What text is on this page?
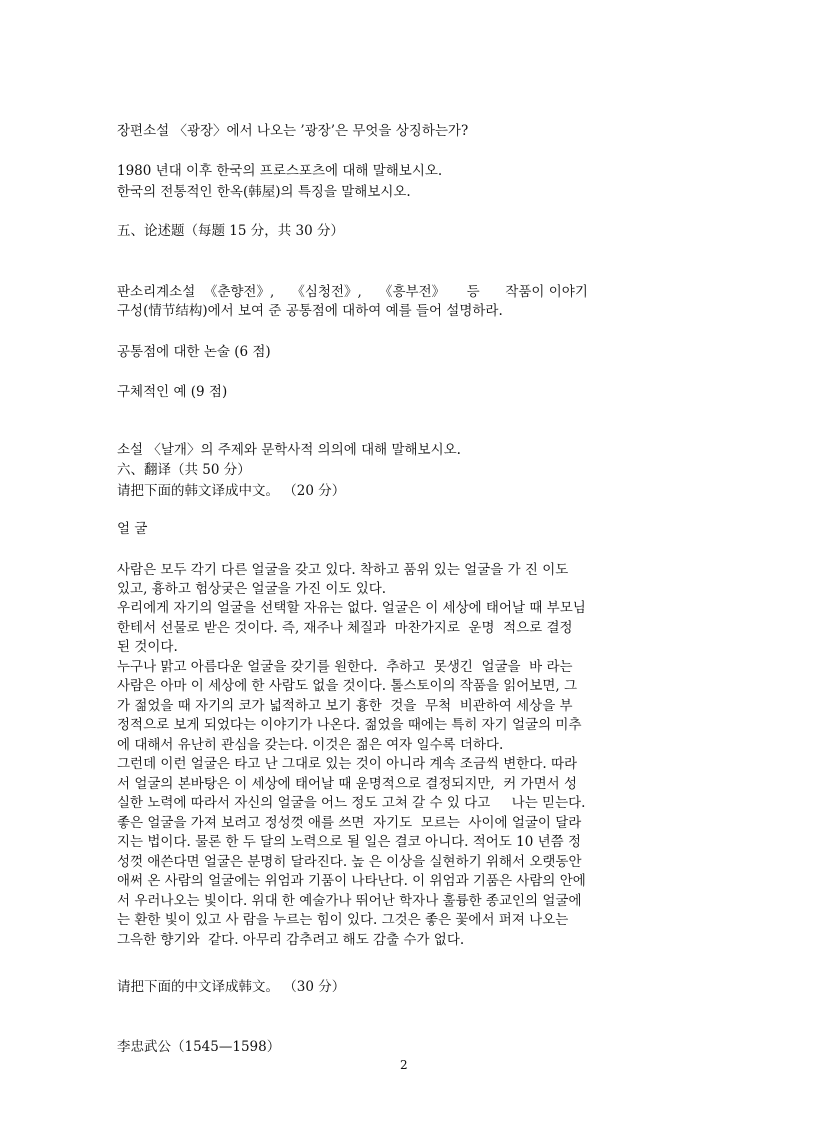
장편소설 〈광장〉에서 나오는 ’광장’은 무엇을 상징하는가?
1980 년대 이후 한국의 프로스포츠에 대해 말해보시오.
한국의 전통적인 한옥(韩屋)의 특징을 말해보시오.
五、论述题（每题 15 分，共 30 分）
판소리계소설  《춘향전》,    《심청전》,    《흥부전》     등      작품이 이야기
구성(情节结构)에서 보여 준 공통점에 대하여 예를 들어 설명하라.
공통점에 대한 논술 (6 점)
구체적인 예 (9 점)
소설 〈날개〉의 주제와 문학사적 의의에 대해 말해보시오.
六、翻译（共 50 分）
请把下面的韩文译成中文。 （20 分）
얼 굴
사람은 모두 각기 다른 얼굴을 갖고 있다. 착하고 품위 있는 얼굴을 가 진 이도
있고, 흉하고 험상궂은 얼굴을 가진 이도 있다.
우리에게 자기의 얼굴을 선택할 자유는 없다. 얼굴은 이 세상에 태어날 때 부모님
한테서 선물로 받은 것이다. 즉, 재주나 체질과  마찬가지로  운명  적으로 결정
된 것이다.
누구나 맑고 아름다운 얼굴을 갖기를 원한다.  추하고  못생긴  얼굴을  바 라는
사람은 아마 이 세상에 한 사람도 없을 것이다. 톨스토이의 작품을 읽어보면, 그
가 젊었을 때 자기의 코가 넓적하고 보기 흉한  것을  무척  비관하여 세상을 부
정적으로 보게 되었다는 이야기가 나온다. 젊었을 때에는 특히 자기 얼굴의 미추
에 대해서 유난히 관심을 갖는다. 이것은 젊은 여자 일수록 더하다.
그런데 이런 얼굴은 타고 난 그대로 있는 것이 아니라 계속 조금씩 변한다. 따라
서 얼굴의 본바탕은 이 세상에 태어날 때 운명적으로 결정되지만,  커 가면서 성
실한 노력에 따라서 자신의 얼굴을 어느 정도 고쳐 갈 수 있 다고     나는 믿는다.
좋은 얼굴을 가져 보려고 정성껏 애를 쓰면  자기도  모르는  사이에 얼굴이 달라
지는 법이다. 물론 한 두 달의 노력으로 될 일은 결코 아니다. 적어도 10 년쯤 정
성껏 애쓴다면 얼굴은 분명히 달라진다. 높 은 이상을 실현하기 위해서 오랫동안
애써 온 사람의 얼굴에는 위엄과 기품이 나타난다. 이 위엄과 기품은 사람의 안에
서 우러나오는 빛이다. 위대 한 예술가나 뛰어난 학자나 훌륭한 종교인의 얼굴에
는 환한 빛이 있고 사 람을 누르는 힘이 있다. 그것은 좋은 꽃에서 퍼져 나오는
그윽한 향기와  같다. 아무리 감추려고 해도 감출 수가 없다.
请把下面的中文译成韩文。 （30 分）
李忠武公（1545—1598）
2
